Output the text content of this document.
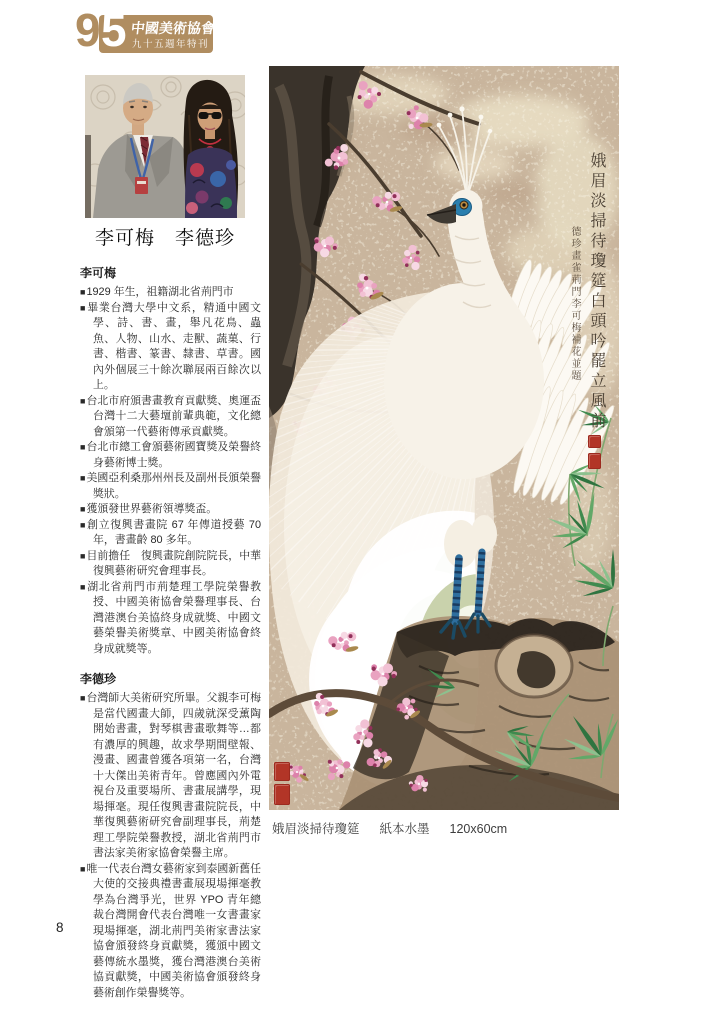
9 5 中國美術協會
九十五週年特刊
李可梅　李德珍
李可梅

■1929 年生，祖籍湖北省荊門市

■畢業台灣大學中文系，精通中國文學、詩、書、畫，舉凡花鳥、蟲魚、人物、山水、走獸、蔬菓、行書、楷書、篆書、隸書、草書。國內外個展三十餘次聯展兩百餘次以上。

■台北市府頒書畫教育貢獻獎、奧運盃台灣十二大藝壇前輩典範，文化總會頒第一代藝術傳承貢獻獎。

■台北市總工會頒藝術國寶獎及榮譽終身藝術博士獎。

■美國亞利桑那州州長及副州長頒榮譽獎狀。

■獲頒發世界藝術領導獎盃。

■創立復興書畫院 67 年傳道授藝 70 年，書畫齡 80 多年。

■目前擔任　復興畫院創院院長，中華復興藝術研究會理事長。

■湖北省荊門市荊楚理工學院榮譽教授、中國美術協會榮譽理事長、台灣港澳台美協終身成就獎、中國文藝榮譽美術獎章、中國美術協會終身成就獎等。

李德珍

■台灣師大美術研究所畢。父親李可梅是當代國畫大師，四歲就深受薰陶開始書畫，對琴棋書畫歌舞等…都有濃厚的興趣，故求學期間壁報、漫畫、國畫曾獲各項第一名，台灣十大傑出美術青年。曾應國內外電視台及重要場所、書畫展講學，現場揮毫。現任復興書畫院院長，中華復興藝術研究會副理事長，荊楚理工學院榮譽教授，湖北省荊門市書法家美術家協會榮譽主席。

■唯一代表台灣女藝術家到泰國新舊任大使的交接典禮書畫展現場揮毫教學為台灣爭光，世界 YPO 青年總裁台灣開會代表台灣唯一女書畫家現場揮毫，湖北荊門美術家書法家協會頒發終身貢獻獎，獲頒中國文藝傳統水墨獎，獲台灣港澳台美術協貢獻獎，中國美術協會頒發終身藝術創作榮譽獎等。

娥眉淡掃待瓊筵白頭吟罷立風前
德珍畫雀荊門李可梅補花並題
娥眉淡掃待瓊筵 紙本水墨 120x60cm
8
